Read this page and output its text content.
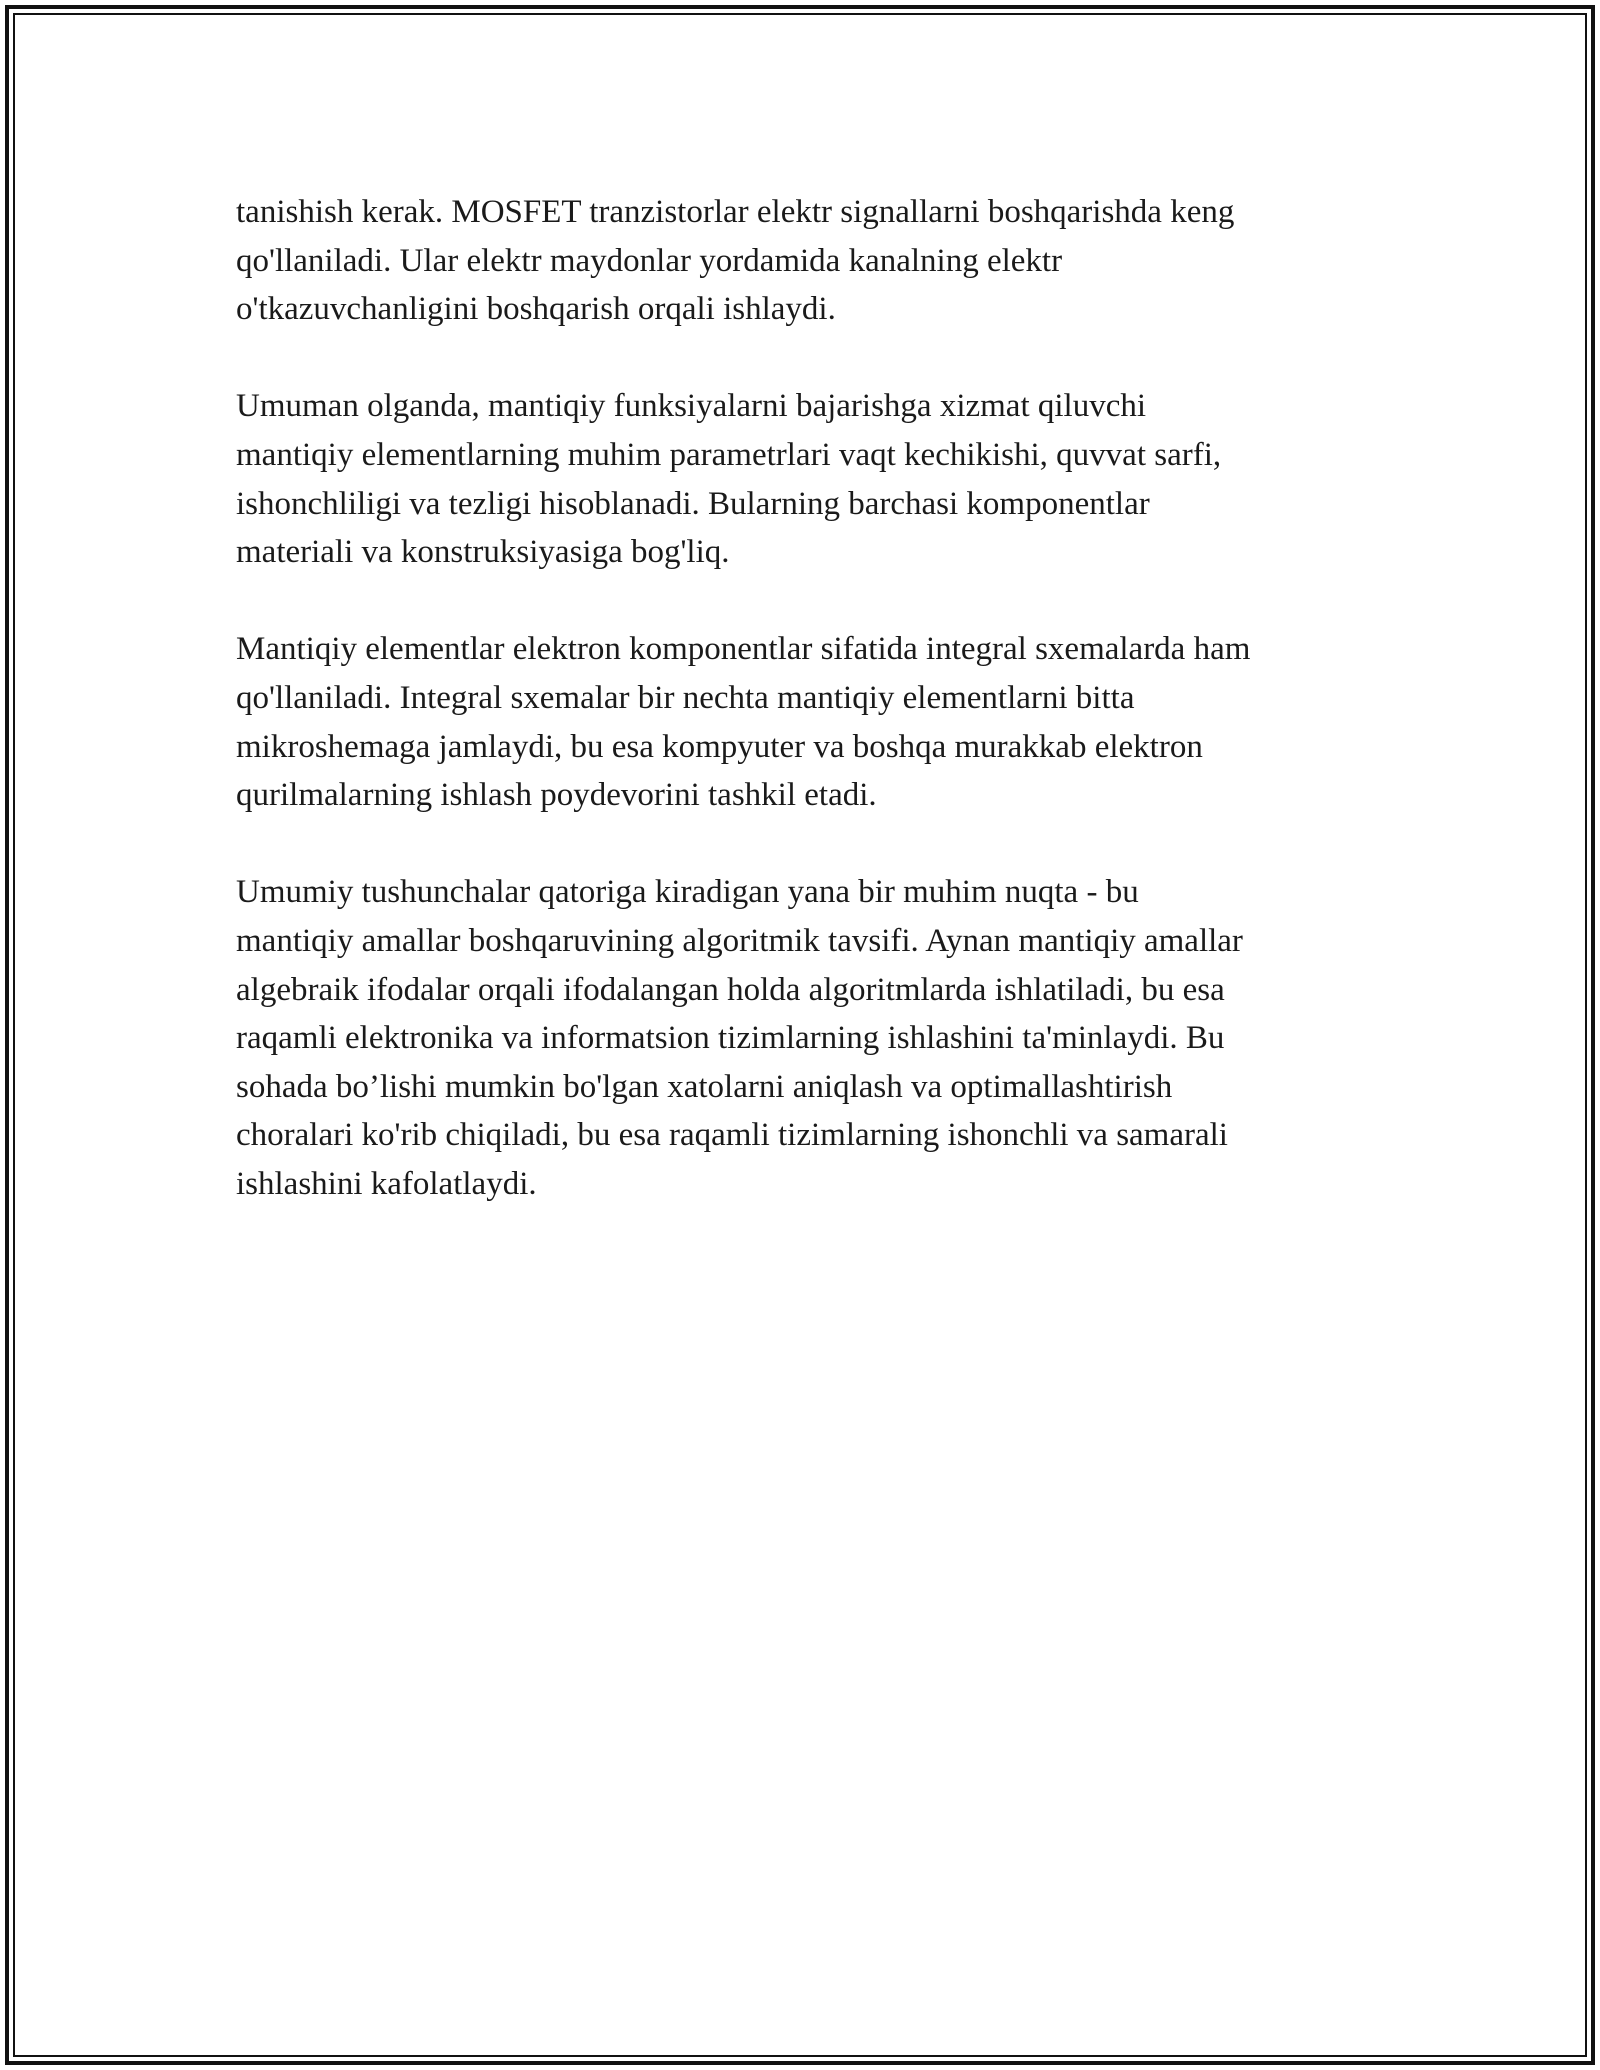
tanishish kerak. MOSFET tranzistorlar elektr signallarni boshqarishda keng
qo'llaniladi. Ular elektr maydonlar yordamida kanalning elektr
o'tkazuvchanligini boshqarish orqali ishlaydi.

Umuman olganda, mantiqiy funksiyalarni bajarishga xizmat qiluvchi
mantiqiy elementlarning muhim parametrlari vaqt kechikishi, quvvat sarfi,
ishonchliligi va tezligi hisoblanadi. Bularning barchasi komponentlar
materiali va konstruksiyasiga bog'liq.

Mantiqiy elementlar elektron komponentlar sifatida integral sxemalarda ham
qo'llaniladi. Integral sxemalar bir nechta mantiqiy elementlarni bitta
mikroshemaga jamlaydi, bu esa kompyuter va boshqa murakkab elektron
qurilmalarning ishlash poydevorini tashkil etadi.

Umumiy tushunchalar qatoriga kiradigan yana bir muhim nuqta - bu
mantiqiy amallar boshqaruvining algoritmik tavsifi. Aynan mantiqiy amallar
algebraik ifodalar orqali ifodalangan holda algoritmlarda ishlatiladi, bu esa
raqamli elektronika va informatsion tizimlarning ishlashini ta'minlaydi. Bu
sohada bo’lishi mumkin bo'lgan xatolarni aniqlash va optimallashtirish
choralari ko'rib chiqiladi, bu esa raqamli tizimlarning ishonchli va samarali
ishlashini kafolatlaydi.
